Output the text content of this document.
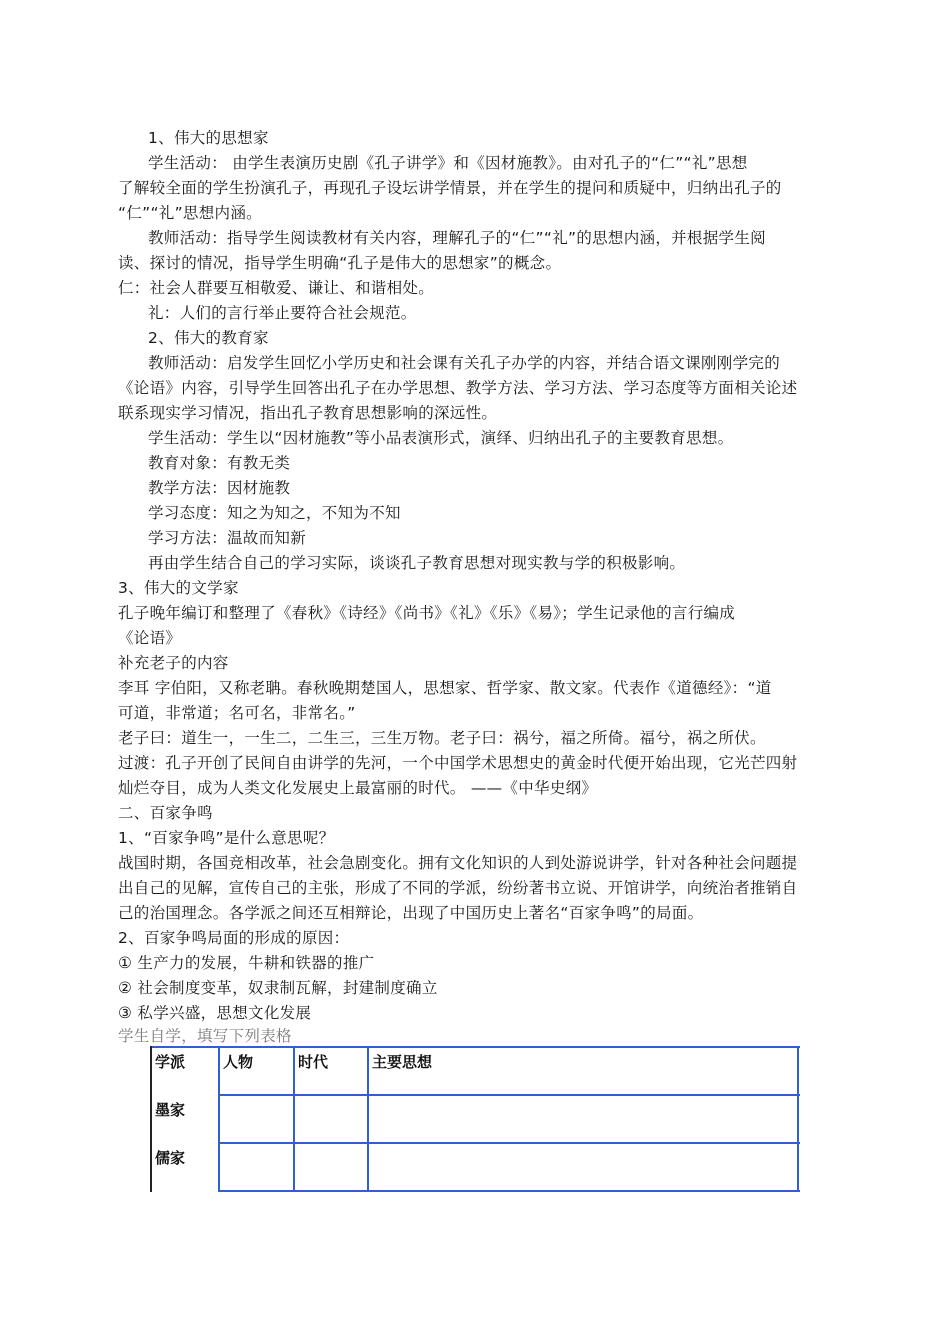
1、伟大的思想家
学生活动： 由学生表演历史剧《孔子讲学》和《因材施教》。由对孔子的“仁”“礼”思想
了解较全面的学生扮演孔子，再现孔子设坛讲学情景，并在学生的提问和质疑中，归纳出孔子的
“仁”“礼”思想内涵。
教师活动：指导学生阅读教材有关内容，理解孔子的“仁”“礼”的思想内涵，并根据学生阅
读、探讨的情况，指导学生明确“孔子是伟大的思想家”的概念。
仁：社会人群要互相敬爱、谦让、和谐相处。
礼：人们的言行举止要符合社会规范。
2、伟大的教育家
教师活动：启发学生回忆小学历史和社会课有关孔子办学的内容，并结合语文课刚刚学完的
《论语》内容，引导学生回答出孔子在办学思想、教学方法、学习方法、学习态度等方面相关论述
联系现实学习情况，指出孔子教育思想影响的深远性。
学生活动：学生以“因材施教”等小品表演形式，演绎、归纳出孔子的主要教育思想。
教育对象：有教无类
教学方法：因材施教
学习态度：知之为知之，不知为不知
学习方法：温故而知新
再由学生结合自己的学习实际，谈谈孔子教育思想对现实教与学的积极影响。
3、伟大的文学家
孔子晚年编订和整理了《春秋》《诗经》《尚书》《礼》《乐》《易》；学生记录他的言行编成
《论语》
补充老子的内容
李耳 字伯阳，又称老聃。春秋晚期楚国人，思想家、哲学家、散文家。代表作《道德经》：“道
可道，非常道；名可名，非常名。”
老子曰：道生一，一生二，二生三，三生万物。老子曰：祸兮，福之所倚。福兮，祸之所伏。
过渡：孔子开创了民间自由讲学的先河，一个中国学术思想史的黄金时代便开始出现，它光芒四射
灿烂夺目，成为人类文化发展史上最富丽的时代。 ——《中华史纲》
二、百家争鸣
1、“百家争鸣”是什么意思呢？
战国时期，各国竞相改革，社会急剧变化。拥有文化知识的人到处游说讲学，针对各种社会问题提
出自己的见解，宣传自己的主张，形成了不同的学派，纷纷著书立说、开馆讲学，向统治者推销自
己的治国理念。各学派之间还互相辩论，出现了中国历史上著名“百家争鸣”的局面。
2、百家争鸣局面的形成的原因：
① 生产力的发展，牛耕和铁器的推广
② 社会制度变革，奴隶制瓦解，封建制度确立
③ 私学兴盛，思想文化发展
学生自学，填写下列表格
学派	人物	时代	主要思想
墨家
儒家
